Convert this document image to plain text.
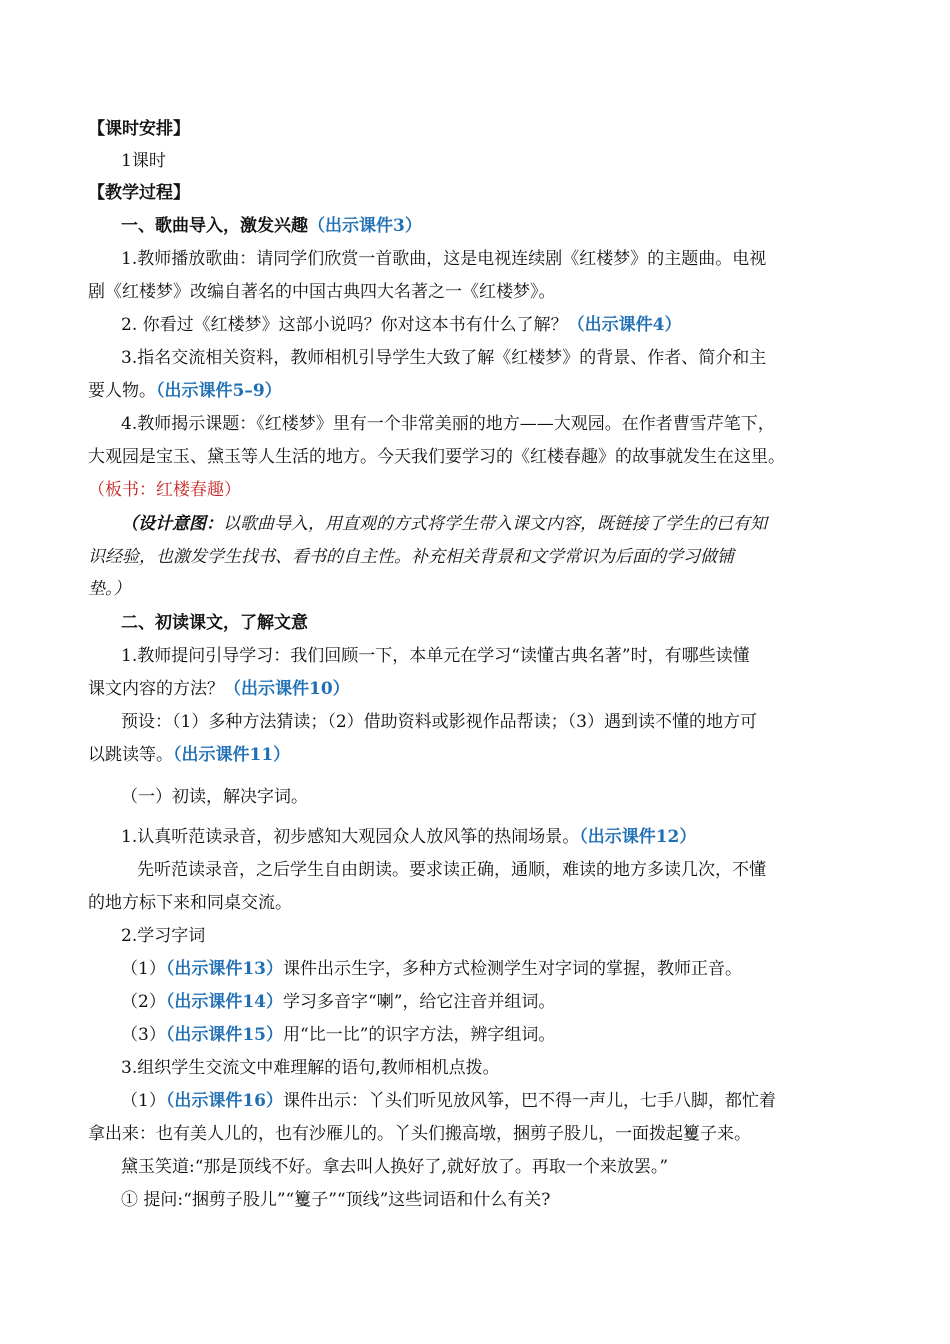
【课时安排】
1课时
【教学过程】
一、歌曲导入，激发兴趣（出示课件3）
1.教师播放歌曲：请同学们欣赏一首歌曲，这是电视连续剧《红楼梦》的主题曲。电视
剧《红楼梦》改编自著名的中国古典四大名著之一《红楼梦》。
2. 你看过《红楼梦》这部小说吗？你对这本书有什么了解？（出示课件4）
3.指名交流相关资料，教师相机引导学生大致了解《红楼梦》的背景、作者、简介和主
要人物。（出示课件5–9）
4.教师揭示课题：《红楼梦》里有一个非常美丽的地方——大观园。在作者曹雪芹笔下，
大观园是宝玉、黛玉等人生活的地方。今天我们要学习的《红楼春趣》的故事就发生在这里。
（板书：红楼春趣）
（设计意图：以歌曲导入，用直观的方式将学生带入课文内容，既链接了学生的已有知
识经验，也激发学生找书、看书的自主性。补充相关背景和文学常识为后面的学习做铺
垫。）
二、初读课文，了解文意
1.教师提问引导学习：我们回顾一下，本单元在学习“读懂古典名著”时，有哪些读懂
课文内容的方法？（出示课件10）
预设：（1）多种方法猜读；（2）借助资料或影视作品帮读；（3）遇到读不懂的地方可
以跳读等。（出示课件11）
（一）初读，解决字词。
1.认真听范读录音，初步感知大观园众人放风筝的热闹场景。（出示课件12）
先听范读录音，之后学生自由朗读。要求读正确，通顺，难读的地方多读几次，不懂
的地方标下来和同桌交流。
2.学习字词
（1）（出示课件13）课件出示生字，多种方式检测学生对字词的掌握，教师正音。
（2）（出示课件14）学习多音字“喇”，给它注音并组词。
（3）（出示课件15）用“比一比”的识字方法，辨字组词。
3.组织学生交流文中难理解的语句,教师相机点拨。
（1）（出示课件16）课件出示：丫头们听见放风筝，巴不得一声儿，七手八脚，都忙着
拿出来：也有美人儿的，也有沙雁儿的。丫头们搬高墩，捆剪子股儿，一面拨起籰子来。
黛玉笑道:“那是顶线不好。拿去叫人换好了,就好放了。再取一个来放罢。”
① 提问:“捆剪子股儿”“籰子”“顶线”这些词语和什么有关?
